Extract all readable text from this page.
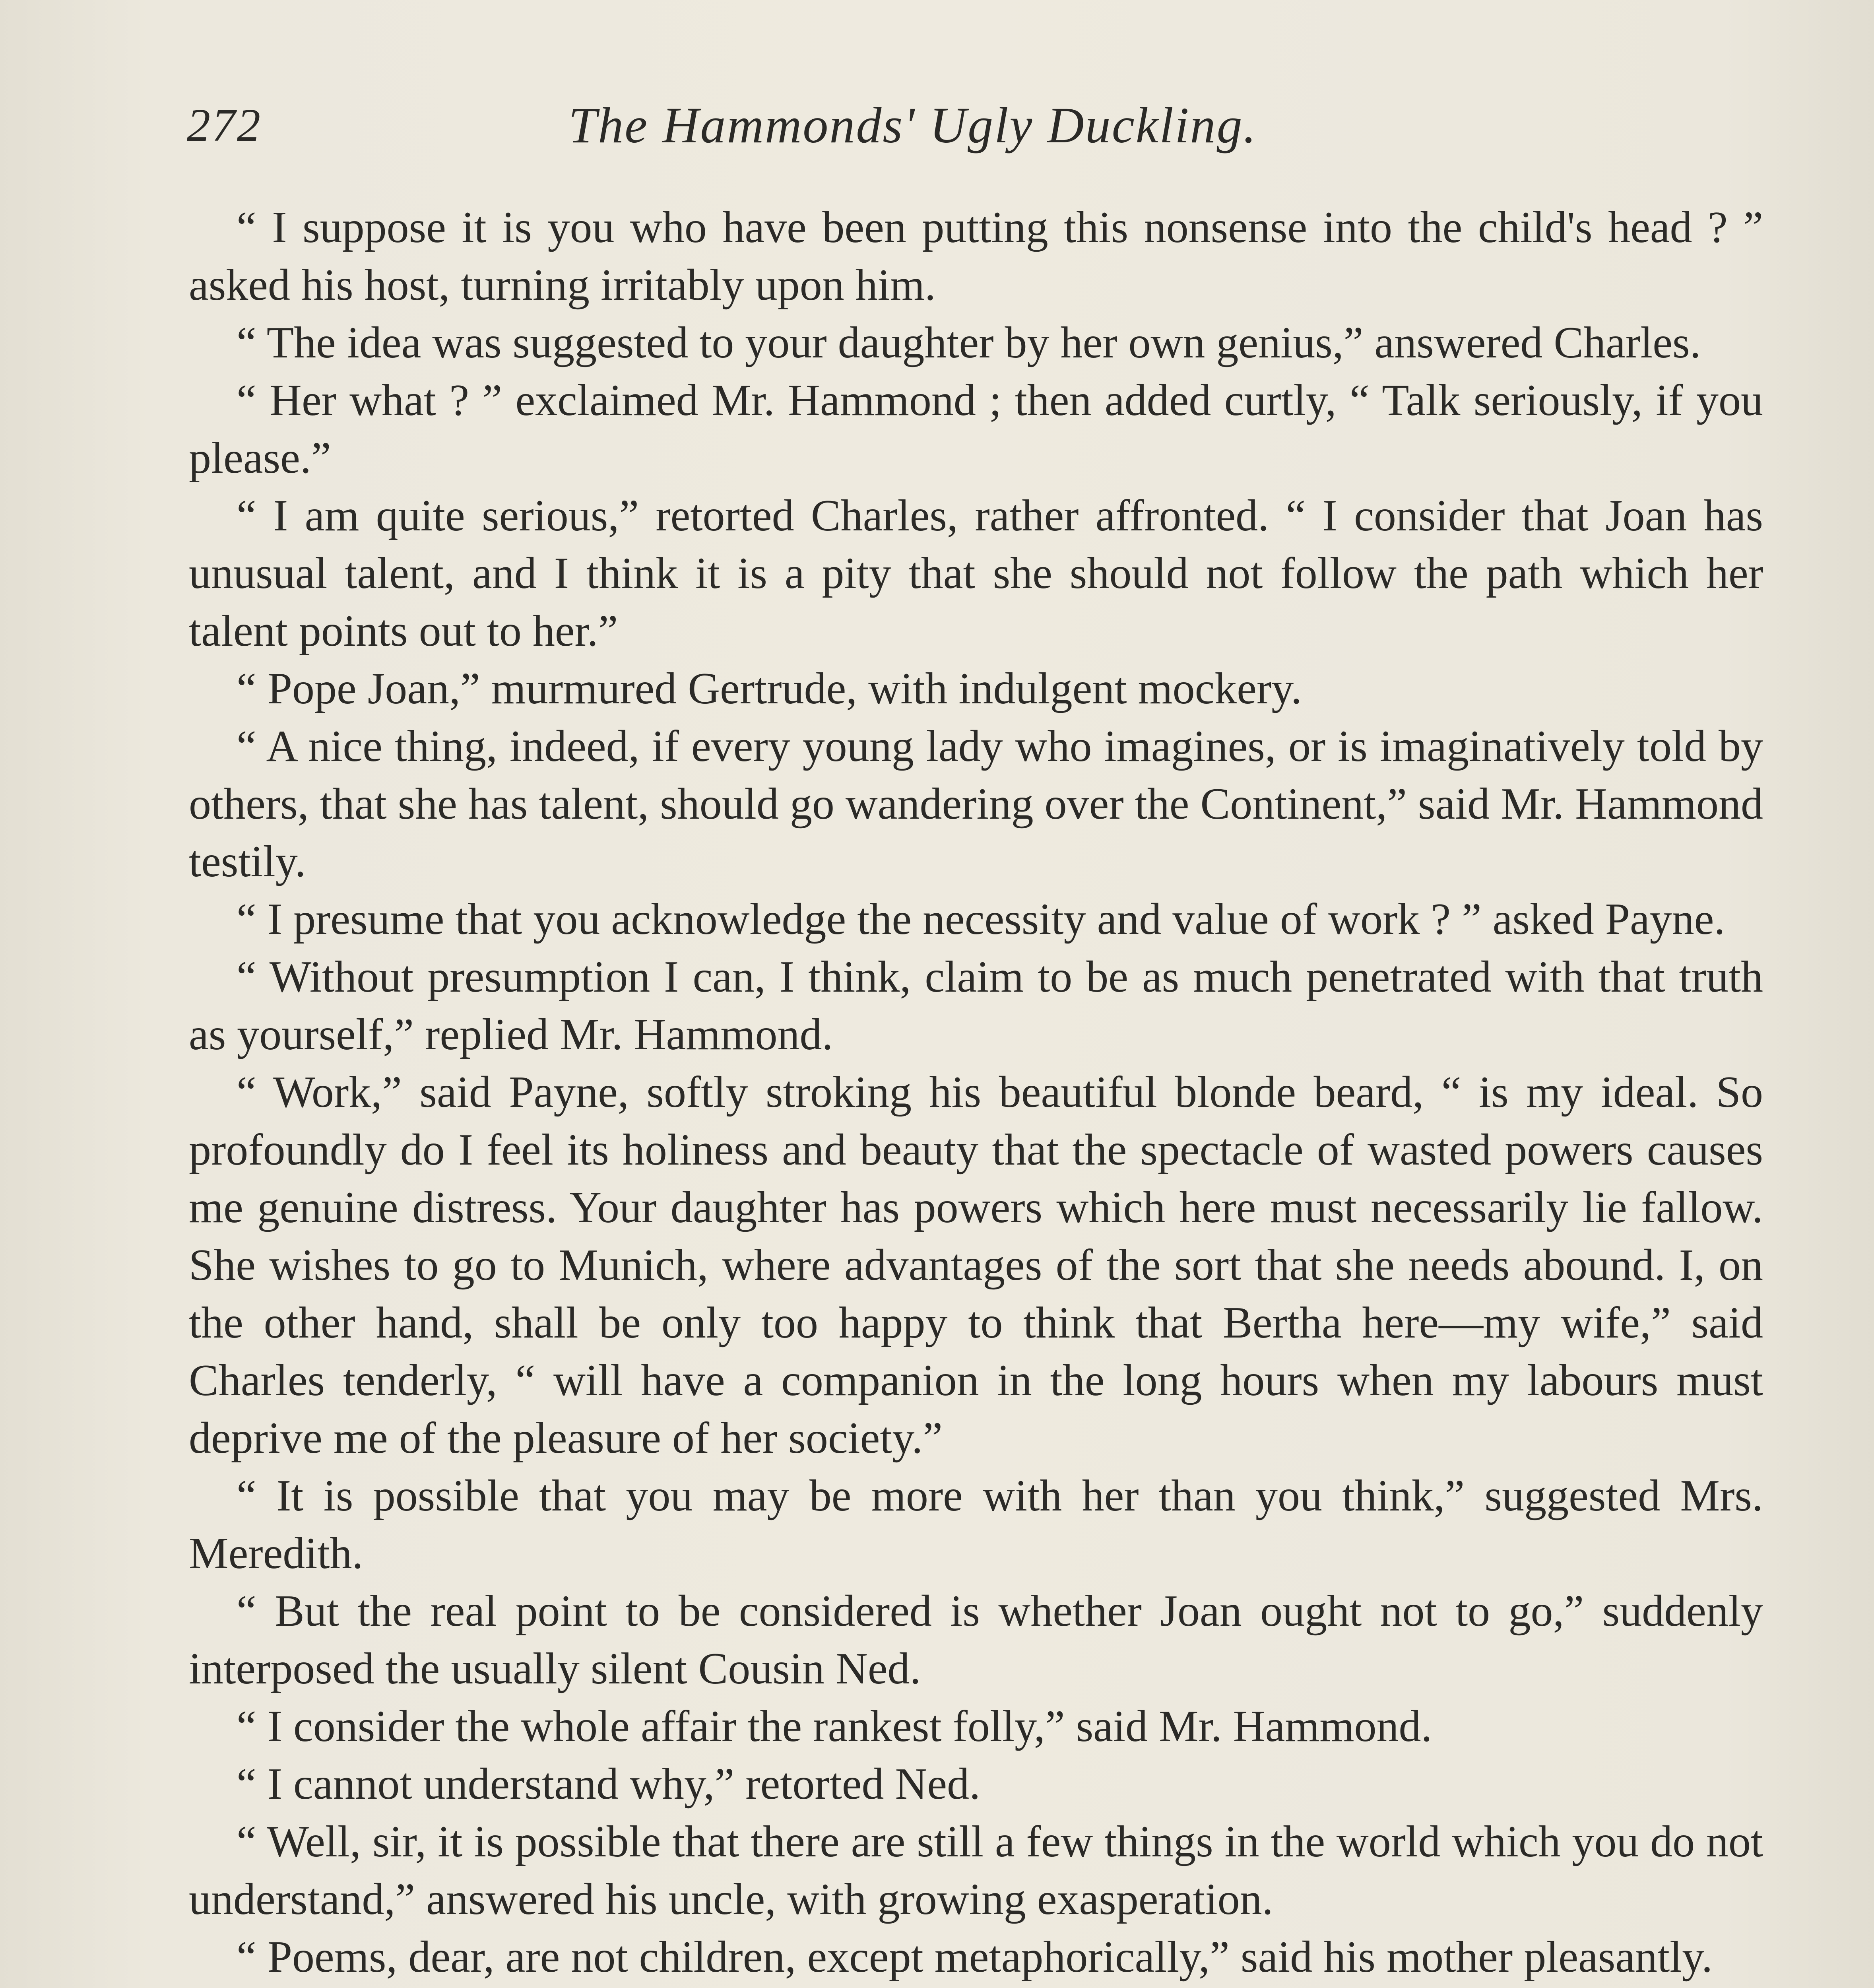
272	The Hammonds' Ugly Duckling.

“ I suppose it is you who have been putting this nonsense into the child's head ? ” asked his host, turning irritably upon him.

“ The idea was suggested to your daughter by her own genius,” answered Charles.

“ Her what ? ” exclaimed Mr. Hammond ; then added curtly, “ Talk seriously, if you please.”

“ I am quite serious,” retorted Charles, rather affronted. “ I consider that Joan has unusual talent, and I think it is a pity that she should not follow the path which her talent points out to her.”

“ Pope Joan,” murmured Gertrude, with indulgent mockery.

“ A nice thing, indeed, if every young lady who imagines, or is imaginatively told by others, that she has talent, should go wandering over the Continent,” said Mr. Hammond testily.

“ I presume that you acknowledge the necessity and value of work ? ” asked Payne.

“ Without presumption I can, I think, claim to be as much penetrated with that truth as yourself,” replied Mr. Hammond.

“ Work,” said Payne, softly stroking his beautiful blonde beard, “ is my ideal. So profoundly do I feel its holiness and beauty that the spectacle of wasted powers causes me genuine distress. Your daughter has powers which here must necessarily lie fallow. She wishes to go to Munich, where advantages of the sort that she needs abound. I, on the other hand, shall be only too happy to think that Bertha here—my wife,” said Charles tenderly, “ will have a companion in the long hours when my labours must deprive me of the pleasure of her society.”

“ It is possible that you may be more with her than you think,” suggested Mrs. Meredith.

“ But the real point to be considered is whether Joan ought not to go,” suddenly interposed the usually silent Cousin Ned.

“ I consider the whole affair the rankest folly,” said Mr. Hammond.

“ I cannot understand why,” retorted Ned.

“ Well, sir, it is possible that there are still a few things in the world which you do not understand,” answered his uncle, with growing exasperation.

“ Poems, dear, are not children, except metaphorically,” said his mother pleasantly.
